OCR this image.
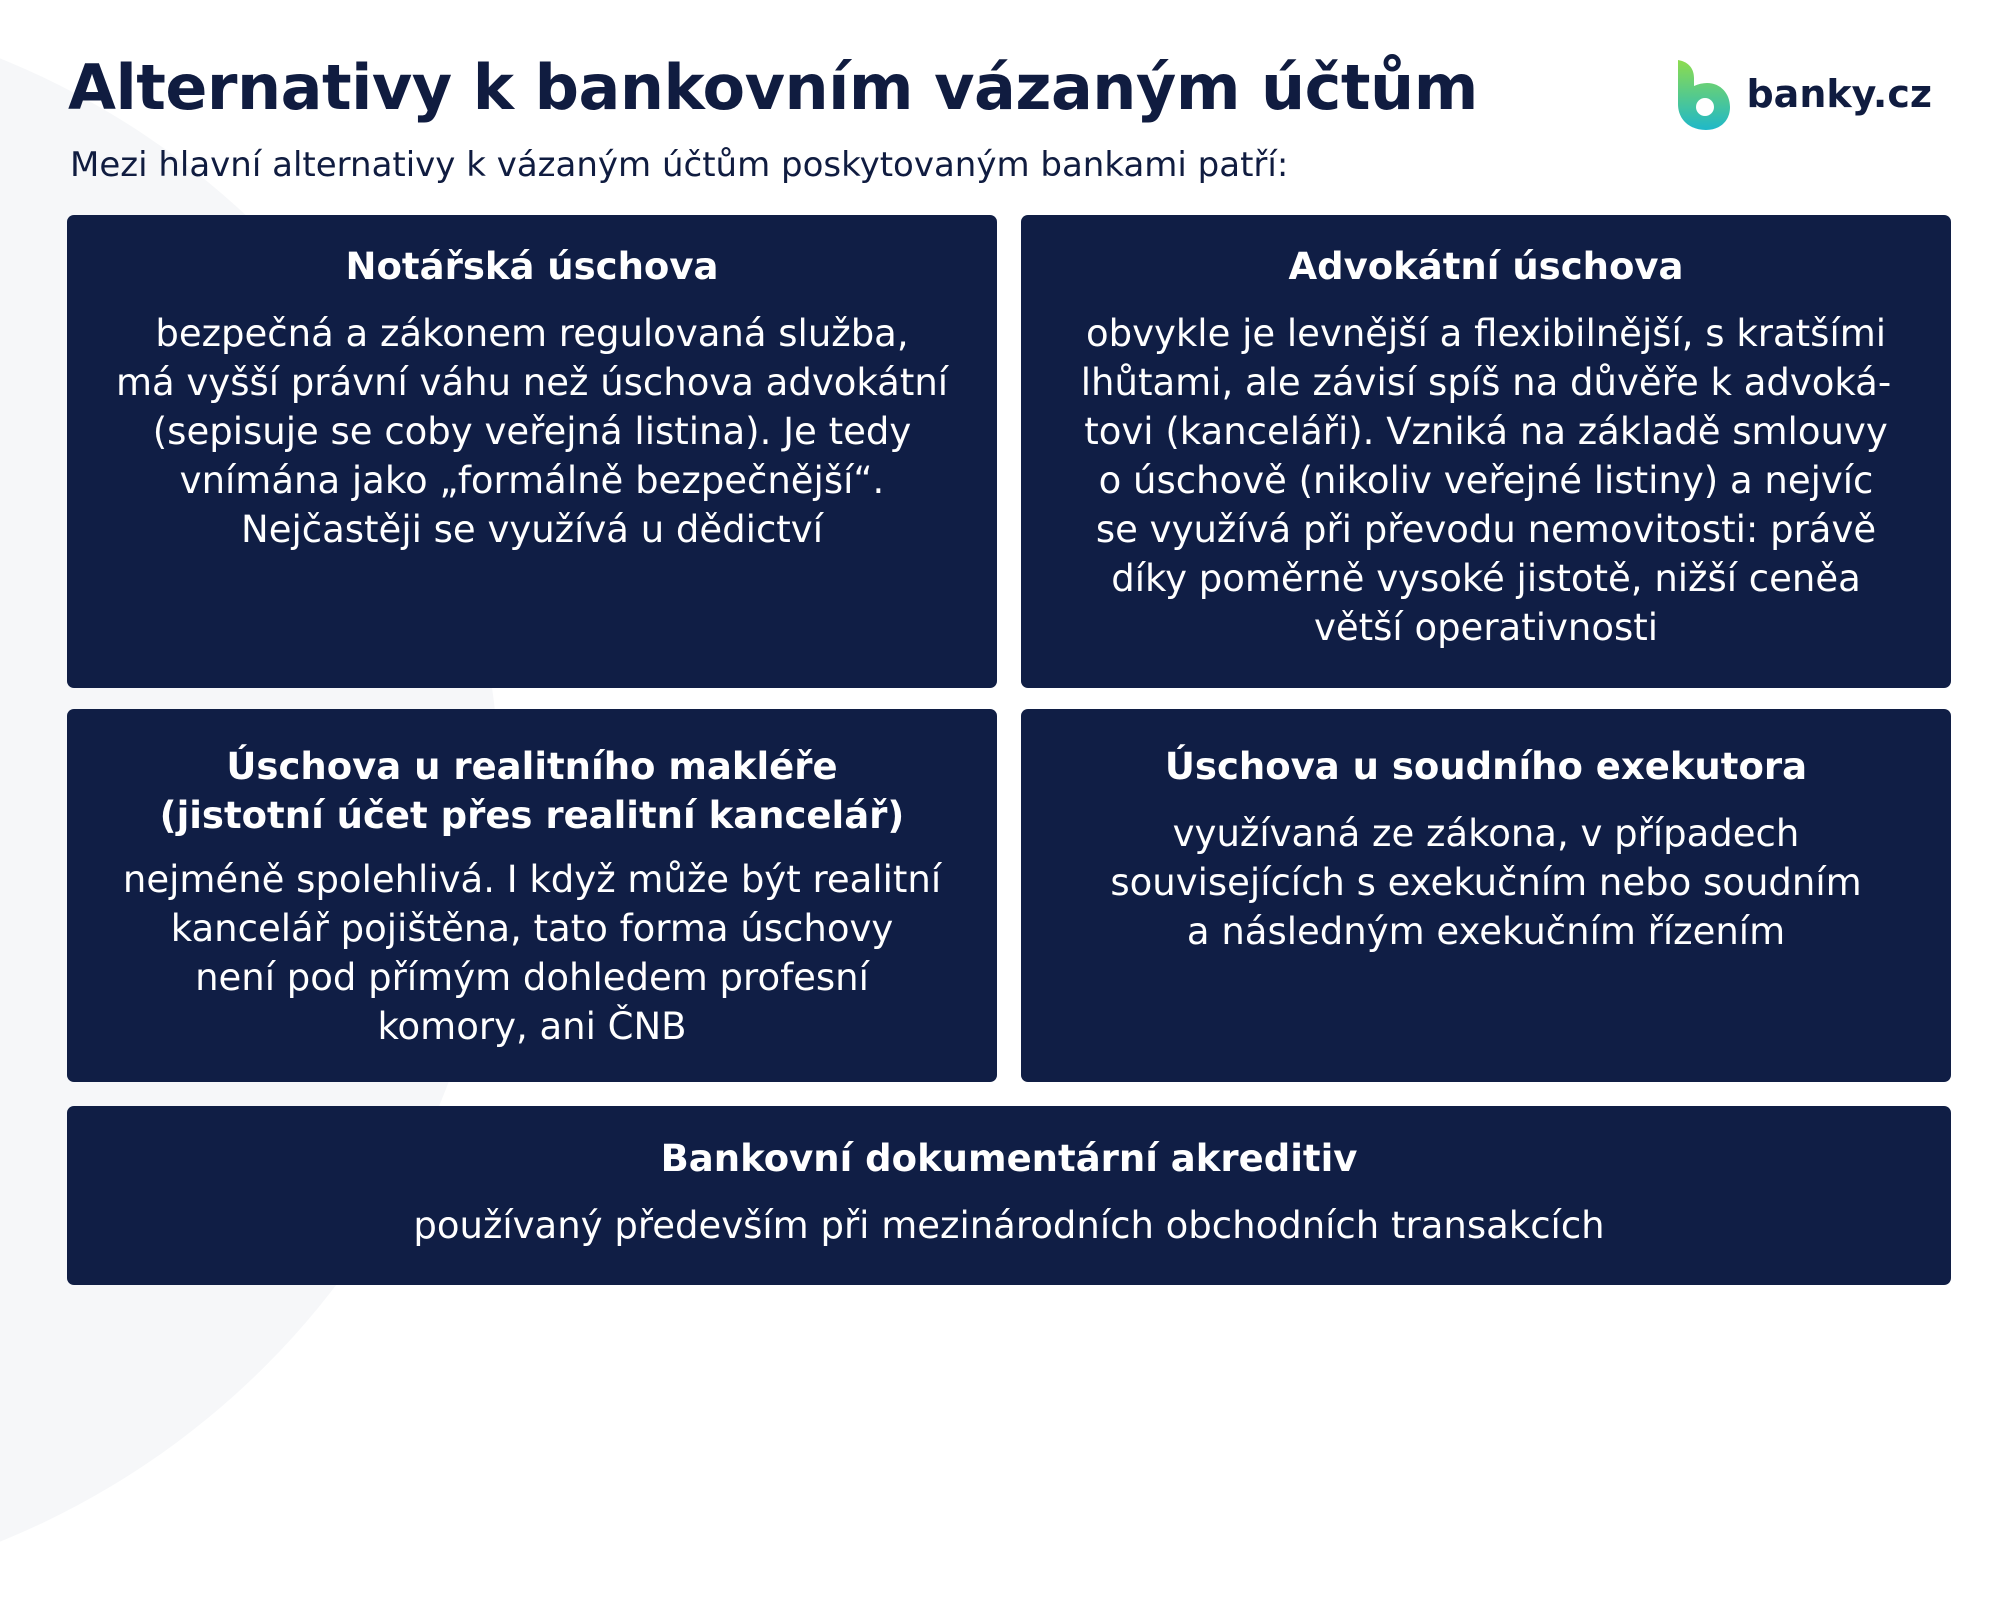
Alternativy k bankovním vázaným účtům

Mezi hlavní alternativy k vázaným účtům poskytovaným bankami patří:

banky.cz
Notářská úschova

bezpečná a zákonem regulovaná služba,
má vyšší právní váhu než úschova advokátní
(sepisuje se coby veřejná listina). Je tedy
vnímána jako „formálně bezpečnější“.
Nejčastěji se využívá u dědictví

Advokátní úschova

obvykle je levnější a flexibilnější, s kratšími
lhůtami, ale závisí spíš na důvěře k advoká-
tovi (kanceláři). Vzniká na základě smlouvy
o úschově (nikoliv veřejné listiny) a nejvíc
se využívá při převodu nemovitosti: právě
díky poměrně vysoké jistotě, nižší ceněa
větší operativnosti

Úschova u realitního makléře
(jistotní účet přes realitní kancelář)

nejméně spolehlivá. I když může být realitní
kancelář pojištěna, tato forma úschovy
není pod přímým dohledem profesní
komory, ani ČNB

Úschova u soudního exekutora

využívaná ze zákona, v případech
souvisejících s exekučním nebo soudním
a následným exekučním řízením

Bankovní dokumentární akreditiv

používaný především při mezinárodních obchodních transakcích
